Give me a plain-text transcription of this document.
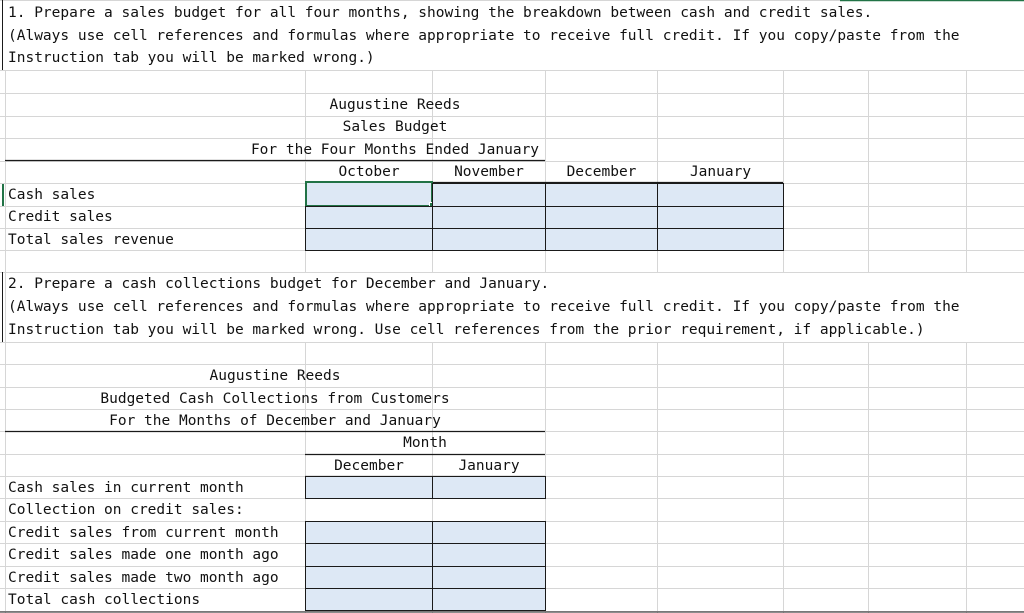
1. Prepare a sales budget for all four months, showing the breakdown between cash and credit sales.
(Always use cell references and formulas where appropriate to receive full credit. If you copy/paste from the
Instruction tab you will be marked wrong.)
Augustine Reeds
Sales Budget
For the Four Months Ended January
October	November	December	January
Cash sales
Credit sales
Total sales revenue
2. Prepare a cash collections budget for December and January.
(Always use cell references and formulas where appropriate to receive full credit. If you copy/paste from the
Instruction tab you will be marked wrong. Use cell references from the prior requirement, if applicable.)
Augustine Reeds
Budgeted Cash Collections from Customers
For the Months of December and January
Month
December	January
Cash sales in current month
Collection on credit sales:
Credit sales from current month
Credit sales made one month ago
Credit sales made two month ago
Total cash collections
